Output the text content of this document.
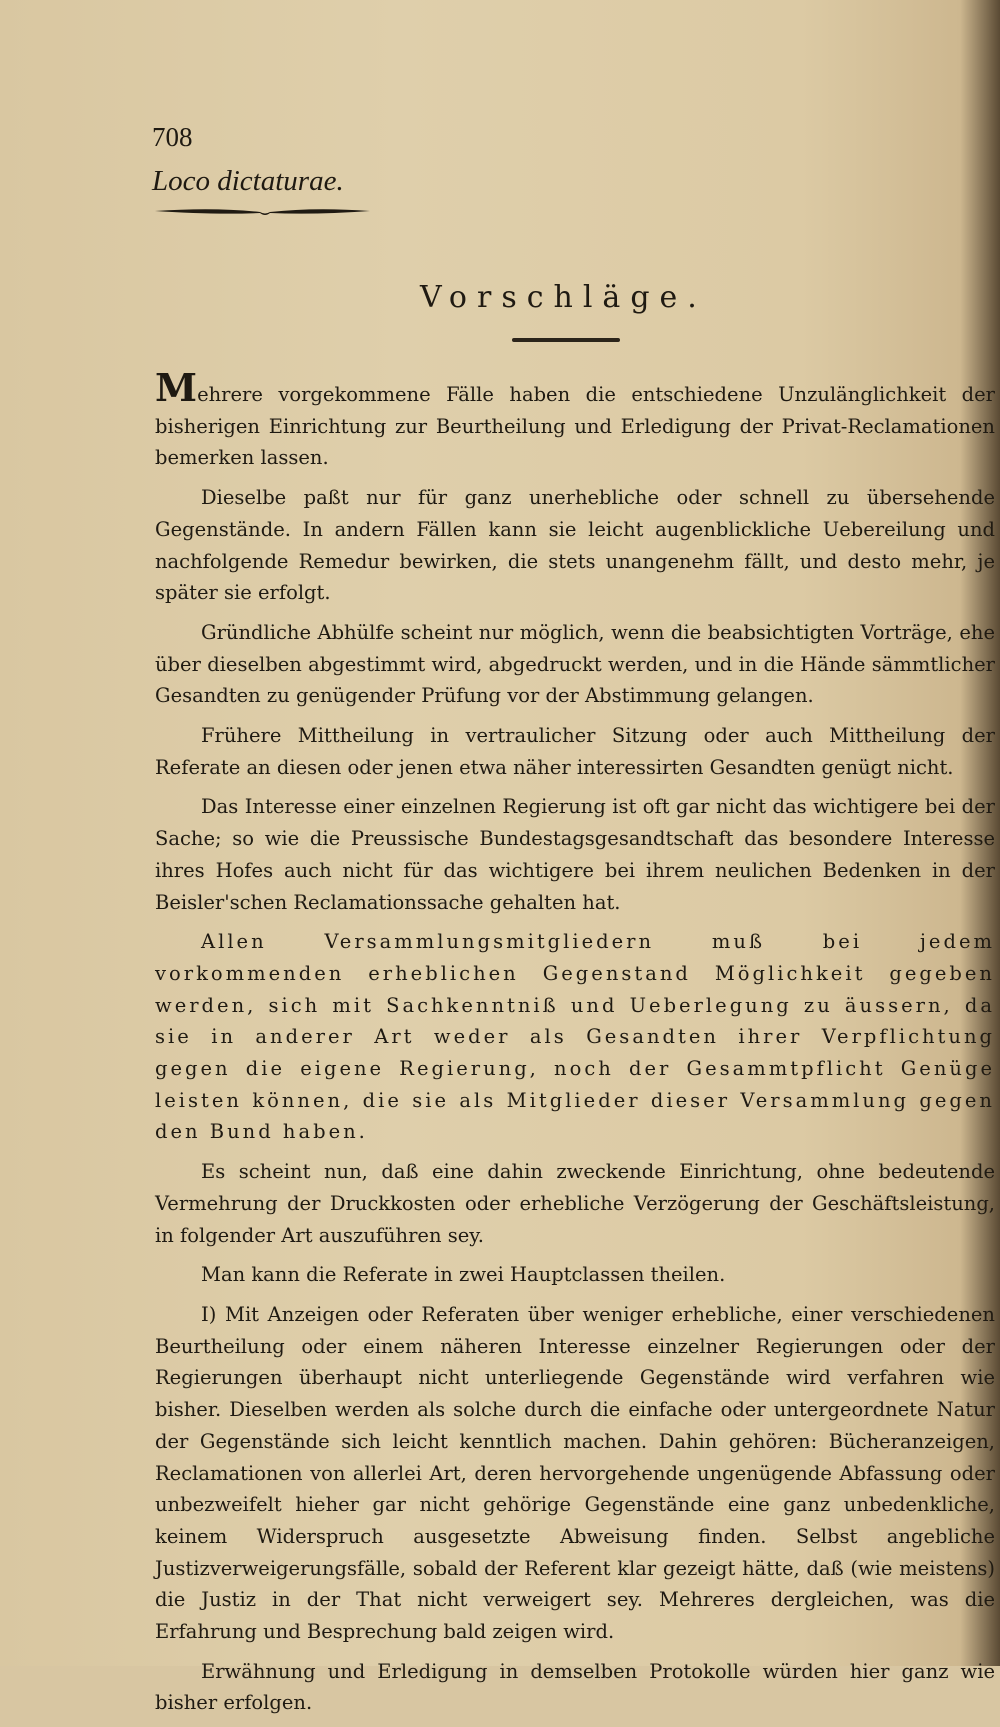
708
Loco dictaturae.
Vorschläge.

Mehrere vorgekommene Fälle haben die entschiedene Unzulänglichkeit der bisherigen Einrichtung zur Beurtheilung und Erledigung der Privat-Reclamationen bemerken lassen.

Dieselbe paßt nur für ganz unerhebliche oder schnell zu übersehende Gegenstände. In andern Fällen kann sie leicht augenblickliche Uebereilung und nachfolgende Remedur bewirken, die stets unangenehm fällt, und desto mehr, je später sie erfolgt.

Gründliche Abhülfe scheint nur möglich, wenn die beabsichtigten Vorträge, ehe über dieselben abgestimmt wird, abgedruckt werden, und in die Hände sämmtlicher Gesandten zu genügender Prüfung vor der Abstimmung gelangen.

Frühere Mittheilung in vertraulicher Sitzung oder auch Mittheilung der Referate an diesen oder jenen etwa näher interessirten Gesandten genügt nicht.

Das Interesse einer einzelnen Regierung ist oft gar nicht das wichtigere bei der Sache; so wie die Preussische Bundestagsgesandtschaft das besondere Interesse ihres Hofes auch nicht für das wichtigere bei ihrem neulichen Bedenken in der Beisler'schen Reclamationssache gehalten hat.

Allen Versammlungsmitgliedern muß bei jedem vorkommenden erheblichen Gegenstand Möglichkeit gegeben werden, sich mit Sachkenntniß und Ueberlegung zu äussern, da sie in anderer Art weder als Gesandten ihrer Verpflichtung gegen die eigene Regierung, noch der Gesammtpflicht Genüge leisten können, die sie als Mitglieder dieser Versammlung gegen den Bund haben.

Es scheint nun, daß eine dahin zweckende Einrichtung, ohne bedeutende Vermehrung der Druckkosten oder erhebliche Verzögerung der Geschäftsleistung, in folgender Art auszuführen sey.

Man kann die Referate in zwei Hauptclassen theilen.

I) Mit Anzeigen oder Referaten über weniger erhebliche, einer verschiedenen Beurtheilung oder einem näheren Interesse einzelner Regierungen oder der Regierungen überhaupt nicht unterliegende Gegenstände wird verfahren wie bisher. Dieselben werden als solche durch die einfache oder untergeordnete Natur der Gegenstände sich leicht kenntlich machen. Dahin gehören: Bücheranzeigen, Reclamationen von allerlei Art, deren hervorgehende ungenügende Abfassung oder unbezweifelt hieher gar nicht gehörige Gegenstände eine ganz unbedenkliche, keinem Widerspruch ausgesetzte Abweisung finden. Selbst angebliche Justizverweigerungsfälle, sobald der Referent klar gezeigt hätte, daß (wie meistens) die Justiz in der That nicht verweigert sey. Mehreres dergleichen, was die Erfahrung und Besprechung bald zeigen wird.

Erwähnung und Erledigung in demselben Protokolle würden hier ganz wie bisher erfolgen.
